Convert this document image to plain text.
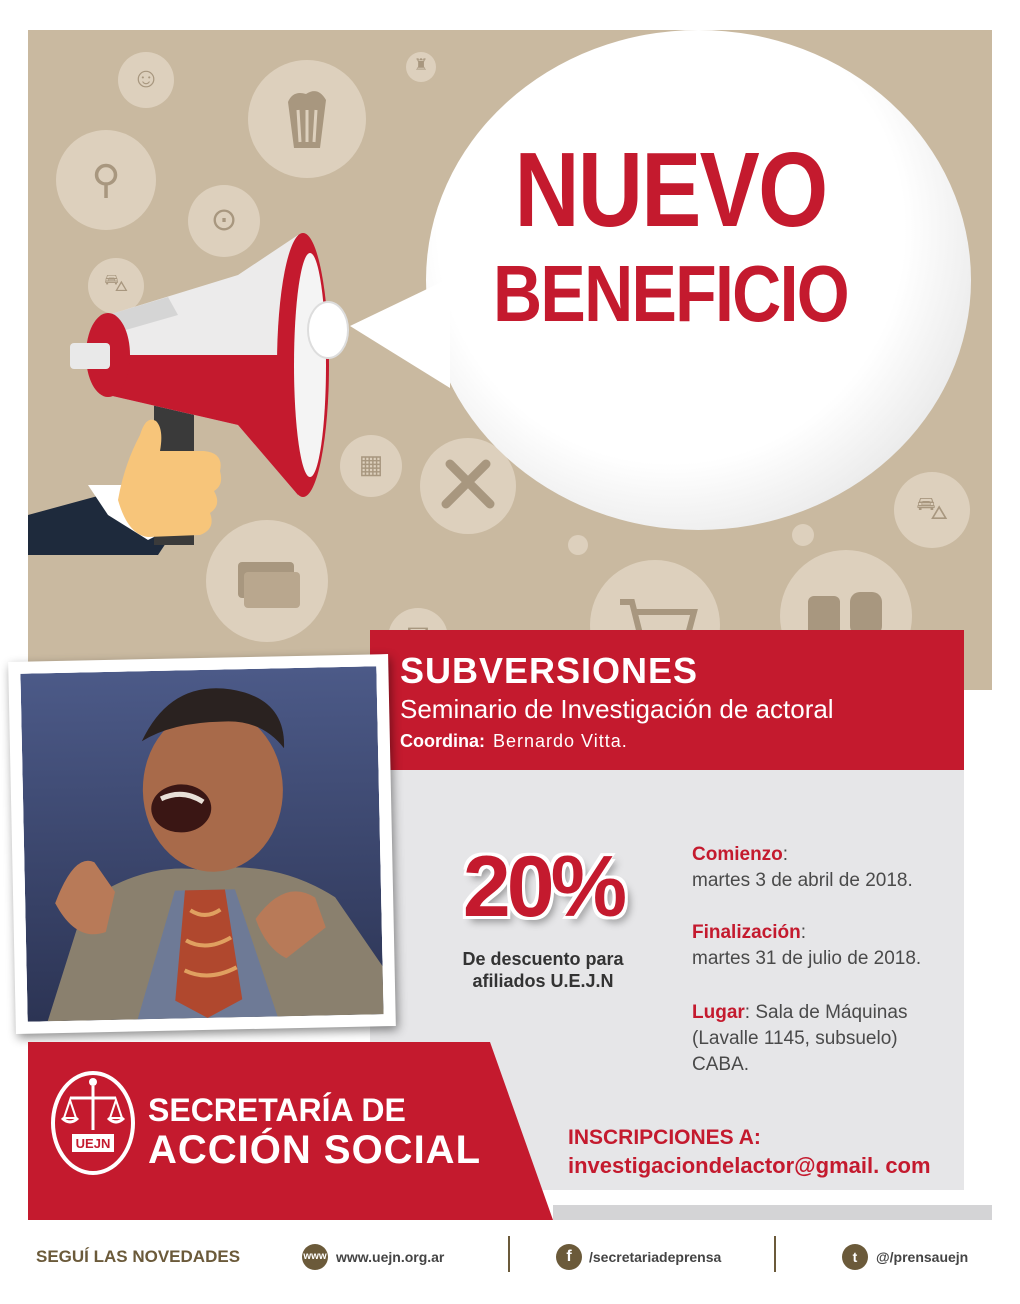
☺	♜
⚲
⊙
⛍
▦
⛍
NUEVO
BENEFICIO
SUBVERSIONES
Seminario de Investigación de actoral
Coordina: Bernardo Vitta.
20%
De descuento para
afiliados U.E.J.N
Comienzo:
martes 3 de abril de 2018.
Finalización:
martes 31 de julio de 2018.
Lugar: Sala de Máquinas
(Lavalle 1145, subsuelo)
CABA.
UEJN
SECRETARÍA DE
ACCIÓN SOCIAL	INSCRIPCIONES A:
investigaciondelactor@gmail. com
SEGUÍ LAS NOVEDADES	www www.uejn.org.ar	f	/secretariadeprensa	t	@/prensauejn
